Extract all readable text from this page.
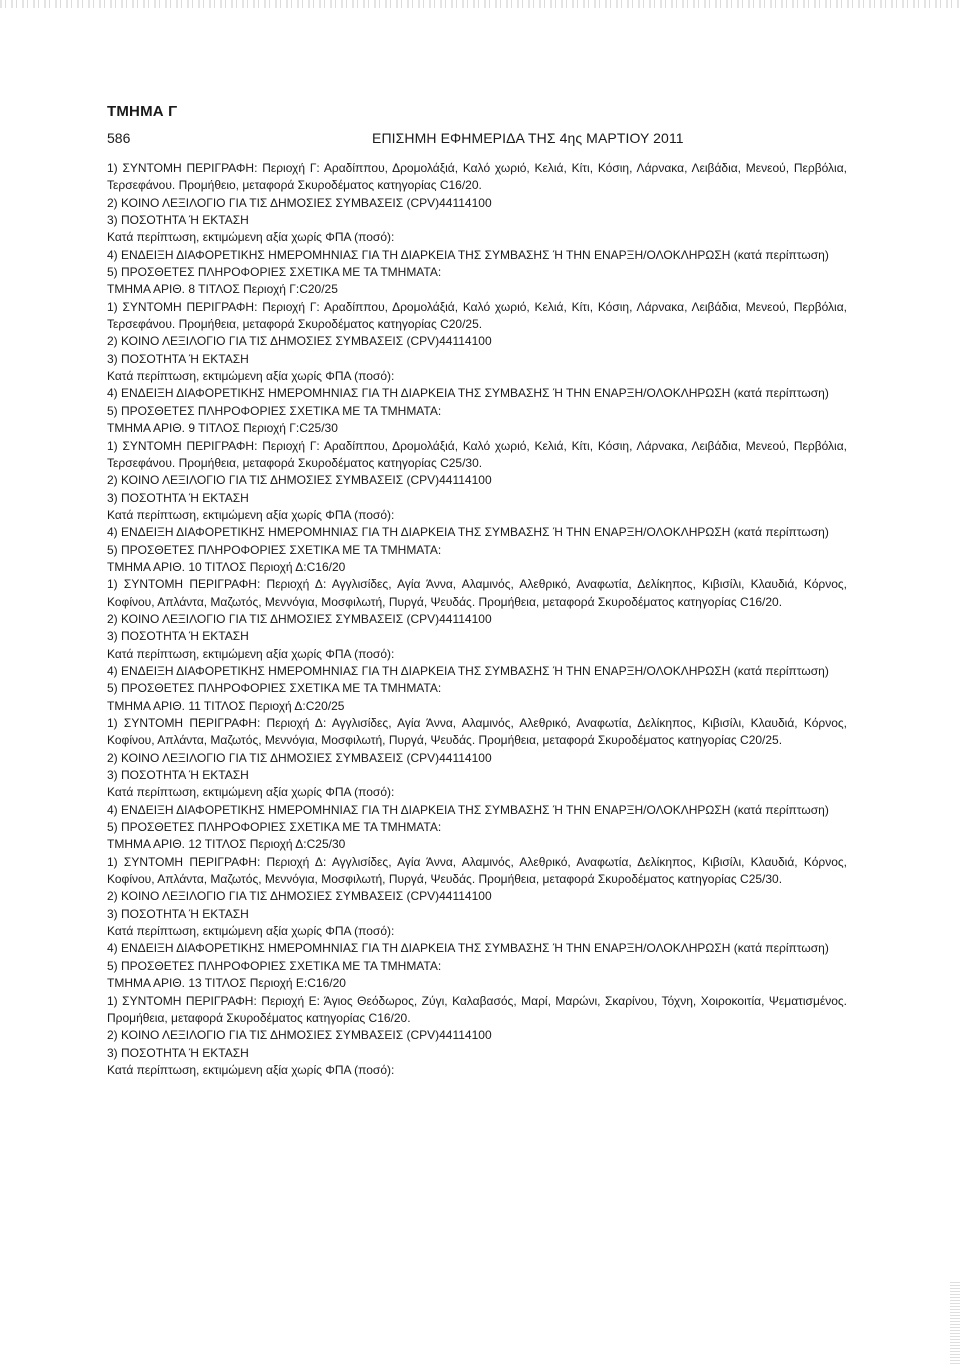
ΤΜΗΜΑ Γ
586	ΕΠΙΣΗΜΗ ΕΦΗΜΕΡΙΔΑ ΤΗΣ 4ης ΜΑΡΤΙΟΥ 2011

1) ΣΥΝΤΟΜΗ ΠΕΡΙΓΡΑΦΗ: Περιοχή Γ: Αραδίππου, Δρομολάξιά, Καλό χωριό, Κελιά, Κίτι, Κόσιη, Λάρνακα, Λειβάδια, Μενεού, Περβόλια, Τερσεφάνου. Προμήθειο, μεταφορά Σκυροδέματος κατηγορίας C16/20.

2) ΚΟΙΝΟ ΛΕΞΙΛΟΓΙΟ ΓΙΑ ΤΙΣ ΔΗΜΟΣΙΕΣ ΣΥΜΒΑΣΕΙΣ (CPV)44114100

3) ΠΟΣΟΤΗΤΑ Ή ΕΚΤΑΣΗ

Κατά περίπτωση, εκτιμώμενη αξία χωρίς ΦΠΑ (ποσό):

4) ΕΝΔΕΙΞΗ ΔΙΑΦΟΡΕΤΙΚΗΣ ΗΜΕΡΟΜΗΝΙΑΣ ΓΙΑ ΤΗ ΔΙΑΡΚΕΙΑ ΤΗΣ ΣΥΜΒΑΣΗΣ Ή ΤΗΝ ΕΝΑΡΞΗ/ΟΛΟΚΛΗΡΩΣΗ (κατά περίπτωση)

5) ΠΡΟΣΘΕΤΕΣ ΠΛΗΡΟΦΟΡΙΕΣ ΣΧΕΤΙΚΑ ΜΕ ΤΑ ΤΜΗΜΑΤΑ:

ΤΜΗΜΑ ΑΡΙΘ. 8 ΤΙΤΛΟΣ Περιοχή Γ:C20/25

1) ΣΥΝΤΟΜΗ ΠΕΡΙΓΡΑΦΗ: Περιοχή Γ: Αραδίππου, Δρομολάξιά, Καλό χωριό, Κελιά, Κίτι, Κόσιη, Λάρνακα, Λειβάδια, Μενεού, Περβόλια, Τερσεφάνου. Προμήθεια, μεταφορά Σκυροδέματος κατηγορίας C20/25.

2) ΚΟΙΝΟ ΛΕΞΙΛΟΓΙΟ ΓΙΑ ΤΙΣ ΔΗΜΟΣΙΕΣ ΣΥΜΒΑΣΕΙΣ (CPV)44114100

3) ΠΟΣΟΤΗΤΑ Ή ΕΚΤΑΣΗ

Κατά περίπτωση, εκτιμώμενη αξία χωρίς ΦΠΑ (ποσό):

4) ΕΝΔΕΙΞΗ ΔΙΑΦΟΡΕΤΙΚΗΣ ΗΜΕΡΟΜΗΝΙΑΣ ΓΙΑ ΤΗ ΔΙΑΡΚΕΙΑ ΤΗΣ ΣΥΜΒΑΣΗΣ Ή ΤΗΝ ΕΝΑΡΞΗ/ΟΛΟΚΛΗΡΩΣΗ (κατά περίπτωση)

5) ΠΡΟΣΘΕΤΕΣ ΠΛΗΡΟΦΟΡΙΕΣ ΣΧΕΤΙΚΑ ΜΕ ΤΑ ΤΜΗΜΑΤΑ:

ΤΜΗΜΑ ΑΡΙΘ. 9 ΤΙΤΛΟΣ Περιοχή Γ:C25/30

1) ΣΥΝΤΟΜΗ ΠΕΡΙΓΡΑΦΗ: Περιοχή Γ: Αραδίππου, Δρομολάξιά, Καλό χωριό, Κελιά, Κίτι, Κόσιη, Λάρνακα, Λειβάδια, Μενεού, Περβόλια, Τερσεφάνου. Προμήθεια, μεταφορά Σκυροδέματος κατηγορίας C25/30.

2) ΚΟΙΝΟ ΛΕΞΙΛΟΓΙΟ ΓΙΑ ΤΙΣ ΔΗΜΟΣΙΕΣ ΣΥΜΒΑΣΕΙΣ (CPV)44114100

3) ΠΟΣΟΤΗΤΑ Ή ΕΚΤΑΣΗ

Κατά περίπτωση, εκτιμώμενη αξία χωρίς ΦΠΑ (ποσό):

4) ΕΝΔΕΙΞΗ ΔΙΑΦΟΡΕΤΙΚΗΣ ΗΜΕΡΟΜΗΝΙΑΣ ΓΙΑ ΤΗ ΔΙΑΡΚΕΙΑ ΤΗΣ ΣΥΜΒΑΣΗΣ Ή ΤΗΝ ΕΝΑΡΞΗ/ΟΛΟΚΛΗΡΩΣΗ (κατά περίπτωση)

5) ΠΡΟΣΘΕΤΕΣ ΠΛΗΡΟΦΟΡΙΕΣ ΣΧΕΤΙΚΑ ΜΕ ΤΑ ΤΜΗΜΑΤΑ:

ΤΜΗΜΑ ΑΡΙΘ. 10 ΤΙΤΛΟΣ Περιοχή Δ:C16/20

1) ΣΥΝΤΟΜΗ ΠΕΡΙΓΡΑΦΗ: Περιοχή Δ: Αγγλισίδες, Αγία Άννα, Αλαμινός, Αλεθρικό, Αναφωτία, Δελίκηπος, Κιβισίλι, Κλαυδιά, Κόρνος, Κοφίνου, Απλάντα, Μαζωτός, Μεννόγια, Μοσφιλωτή, Πυργά, Ψευδάς. Προμήθεια, μεταφορά Σκυροδέματος κατηγορίας C16/20.

2) ΚΟΙΝΟ ΛΕΞΙΛΟΓΙΟ ΓΙΑ ΤΙΣ ΔΗΜΟΣΙΕΣ ΣΥΜΒΑΣΕΙΣ (CPV)44114100

3) ΠΟΣΟΤΗΤΑ Ή ΕΚΤΑΣΗ

Κατά περίπτωση, εκτιμώμενη αξία χωρίς ΦΠΑ (ποσό):

4) ΕΝΔΕΙΞΗ ΔΙΑΦΟΡΕΤΙΚΗΣ ΗΜΕΡΟΜΗΝΙΑΣ ΓΙΑ ΤΗ ΔΙΑΡΚΕΙΑ ΤΗΣ ΣΥΜΒΑΣΗΣ Ή ΤΗΝ ΕΝΑΡΞΗ/ΟΛΟΚΛΗΡΩΣΗ (κατά περίπτωση)

5) ΠΡΟΣΘΕΤΕΣ ΠΛΗΡΟΦΟΡΙΕΣ ΣΧΕΤΙΚΑ ΜΕ ΤΑ ΤΜΗΜΑΤΑ:

ΤΜΗΜΑ ΑΡΙΘ. 11 ΤΙΤΛΟΣ Περιοχή Δ:C20/25

1) ΣΥΝΤΟΜΗ ΠΕΡΙΓΡΑΦΗ: Περιοχή Δ: Αγγλισίδες, Αγία Άννα, Αλαμινός, Αλεθρικό, Αναφωτία, Δελίκηπος, Κιβισίλι, Κλαυδιά, Κόρνος, Κοφίνου, Απλάντα, Μαζωτός, Μεννόγια, Μοσφιλωτή, Πυργά, Ψευδάς. Προμήθεια, μεταφορά Σκυροδέματος κατηγορίας C20/25.

2) ΚΟΙΝΟ ΛΕΞΙΛΟΓΙΟ ΓΙΑ ΤΙΣ ΔΗΜΟΣΙΕΣ ΣΥΜΒΑΣΕΙΣ (CPV)44114100

3) ΠΟΣΟΤΗΤΑ Ή ΕΚΤΑΣΗ

Κατά περίπτωση, εκτιμώμενη αξία χωρίς ΦΠΑ (ποσό):

4) ΕΝΔΕΙΞΗ ΔΙΑΦΟΡΕΤΙΚΗΣ ΗΜΕΡΟΜΗΝΙΑΣ ΓΙΑ ΤΗ ΔΙΑΡΚΕΙΑ ΤΗΣ ΣΥΜΒΑΣΗΣ Ή ΤΗΝ ΕΝΑΡΞΗ/ΟΛΟΚΛΗΡΩΣΗ (κατά περίπτωση)

5) ΠΡΟΣΘΕΤΕΣ ΠΛΗΡΟΦΟΡΙΕΣ ΣΧΕΤΙΚΑ ΜΕ ΤΑ ΤΜΗΜΑΤΑ:

ΤΜΗΜΑ ΑΡΙΘ. 12 ΤΙΤΛΟΣ Περιοχή Δ:C25/30

1) ΣΥΝΤΟΜΗ ΠΕΡΙΓΡΑΦΗ: Περιοχή Δ: Αγγλισίδες, Αγία Άννα, Αλαμινός, Αλεθρικό, Αναφωτία, Δελίκηπος, Κιβισίλι, Κλαυδιά, Κόρνος, Κοφίνου, Απλάντα, Μαζωτός, Μεννόγια, Μοσφιλωτή, Πυργά, Ψευδάς. Προμήθεια, μεταφορά Σκυροδέματος κατηγορίας C25/30.

2) ΚΟΙΝΟ ΛΕΞΙΛΟΓΙΟ ΓΙΑ ΤΙΣ ΔΗΜΟΣΙΕΣ ΣΥΜΒΑΣΕΙΣ (CPV)44114100

3) ΠΟΣΟΤΗΤΑ Ή ΕΚΤΑΣΗ

Κατά περίπτωση, εκτιμώμενη αξία χωρίς ΦΠΑ (ποσό):

4) ΕΝΔΕΙΞΗ ΔΙΑΦΟΡΕΤΙΚΗΣ ΗΜΕΡΟΜΗΝΙΑΣ ΓΙΑ ΤΗ ΔΙΑΡΚΕΙΑ ΤΗΣ ΣΥΜΒΑΣΗΣ Ή ΤΗΝ ΕΝΑΡΞΗ/ΟΛΟΚΛΗΡΩΣΗ (κατά περίπτωση)

5) ΠΡΟΣΘΕΤΕΣ ΠΛΗΡΟΦΟΡΙΕΣ ΣΧΕΤΙΚΑ ΜΕ ΤΑ ΤΜΗΜΑΤΑ:

ΤΜΗΜΑ ΑΡΙΘ. 13 ΤΙΤΛΟΣ Περιοχή Ε:C16/20

1) ΣΥΝΤΟΜΗ ΠΕΡΙΓΡΑΦΗ: Περιοχή Ε: Άγιος Θεόδωρος, Ζύγι, Καλαβασός, Μαρί, Μαρώνι, Σκαρίνου, Τόχνη, Χοιροκοιτία, Ψεματισμένος. Προμήθεια, μεταφορά Σκυροδέματος κατηγορίας C16/20.

2) ΚΟΙΝΟ ΛΕΞΙΛΟΓΙΟ ΓΙΑ ΤΙΣ ΔΗΜΟΣΙΕΣ ΣΥΜΒΑΣΕΙΣ (CPV)44114100

3) ΠΟΣΟΤΗΤΑ Ή ΕΚΤΑΣΗ

Κατά περίπτωση, εκτιμώμενη αξία χωρίς ΦΠΑ (ποσό):
